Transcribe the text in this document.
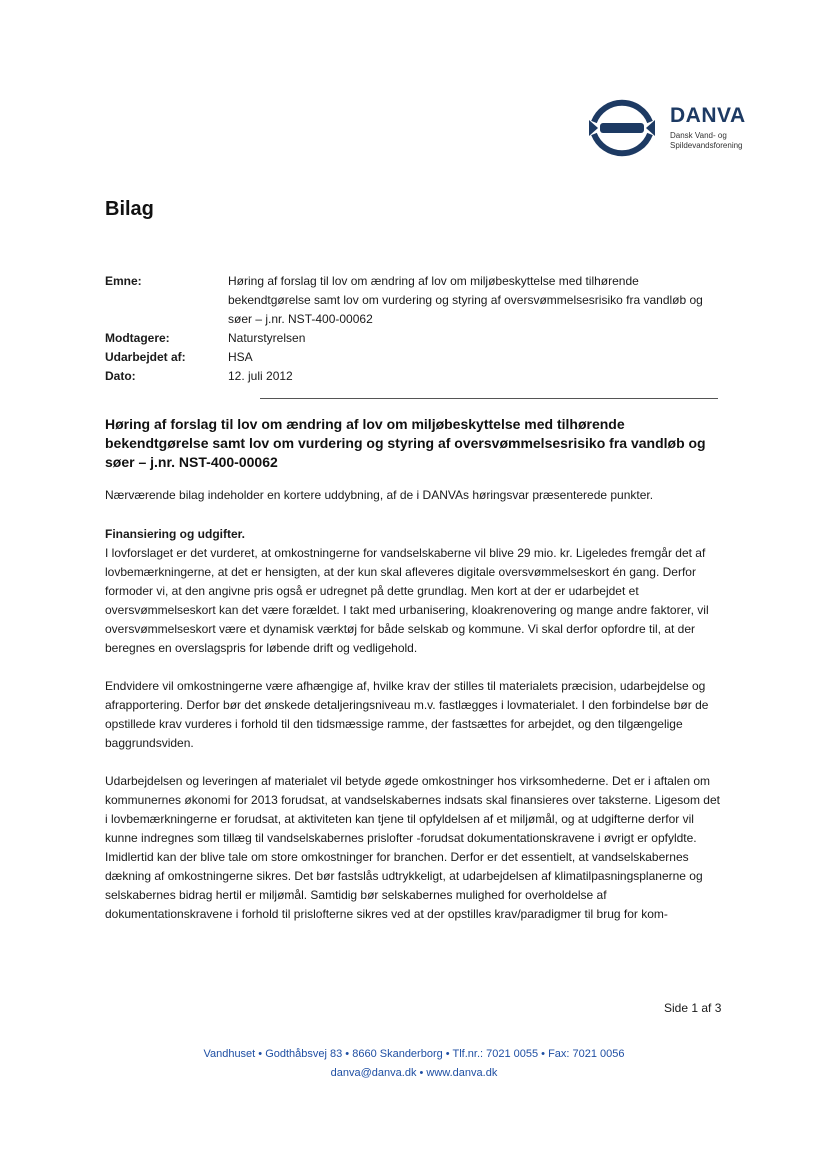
DANVA
Dansk Vand- og Spildevandsforening
Bilag
Emne:	Høring af forslag til lov om ændring af lov om miljøbeskyttelse med tilhørende bekendtgørelse samt lov om vurdering og styring af oversvømmelsesrisiko fra vandløb og søer – j.nr. NST-400-00062
Modtagere:	Naturstyrelsen
Udarbejdet af:	HSA
Dato:	12. juli 2012
Høring af forslag til lov om ændring af lov om miljøbeskyttelse med tilhørende bekendtgørelse samt lov om vurdering og styring af oversvømmelsesrisiko fra vandløb og søer – j.nr. NST-400-00062

Nærværende bilag indeholder en kortere uddybning, af de i DANVAs høringsvar præsenterede punkter.

Finansiering og udgifter.

I lovforslaget er det vurderet, at omkostningerne for vandselskaberne vil blive 29 mio. kr. Ligeledes fremgår det af lovbemærkningerne, at det er hensigten, at der kun skal afleveres digitale oversvømmelseskort én gang. Derfor formoder vi, at den angivne pris også er udregnet på dette grundlag. Men kort at der er udarbejdet et oversvømmelseskort kan det være forældet. I takt med urbanisering, kloakrenovering og mange andre faktorer, vil oversvømmelseskort være et dynamisk værktøj for både selskab og kommune. Vi skal derfor opfordre til, at der beregnes en overslagspris for løbende drift og vedligehold.

Endvidere vil omkostningerne være afhængige af, hvilke krav der stilles til materialets præcision, udarbejdelse og afrapportering. Derfor bør det ønskede detaljeringsniveau m.v. fastlægges i lovmaterialet. I den forbindelse bør de opstillede krav vurderes i forhold til den tidsmæssige ramme, der fastsættes for arbejdet, og den tilgængelige baggrundsviden.

Udarbejdelsen og leveringen af materialet vil betyde øgede omkostninger hos virksomhederne. Det er i aftalen om kommunernes økonomi for 2013 forudsat, at vandselskabernes indsats skal finansieres over taksterne. Ligesom det i lovbemærkningerne er forudsat, at aktiviteten kan tjene til opfyldelsen af et miljømål, og at udgifterne derfor vil kunne indregnes som tillæg til vandselskabernes prislofter -forudsat dokumentationskravene i øvrigt er opfyldte.

Imidlertid kan der blive tale om store omkostninger for branchen. Derfor er det essentielt, at vandselskabernes dækning af omkostningerne sikres. Det bør fastslås udtrykkeligt, at udarbejdelsen af klimatilpasningsplanerne og selskabernes bidrag hertil er miljømål. Samtidig bør selskabernes mulighed for overholdelse af dokumentationskravene i forhold til prislofterne sikres ved at der opstilles krav/paradigmer til brug for kom-

Side 1 af 3
Vandhuset • Godthåbsvej 83 • 8660 Skanderborg • Tlf.nr.: 7021 0055 • Fax: 7021 0056
danva@danva.dk • www.danva.dk
